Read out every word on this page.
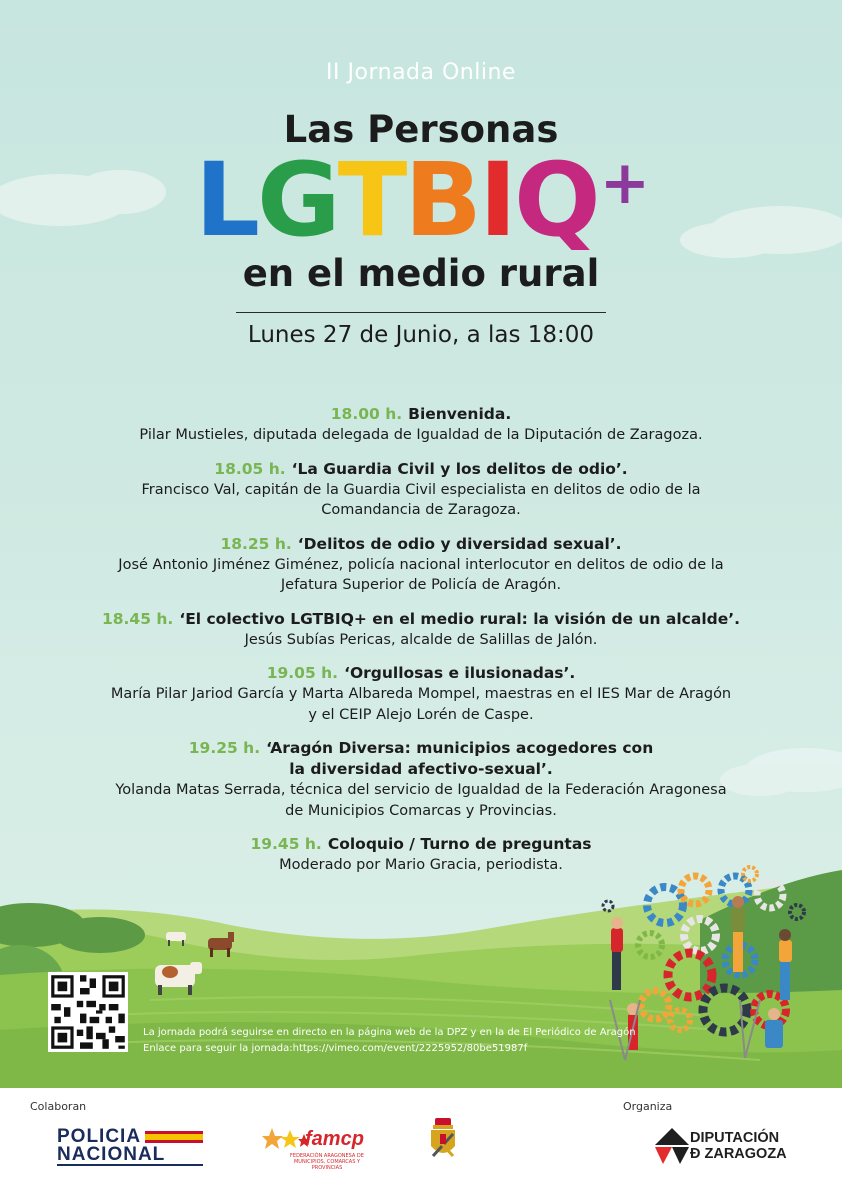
II Jornada Online
Las Personas
LGTBIQ+
en el medio rural
Lunes 27 de Junio, a las 18:00
18.00 h. Bienvenida.
Pilar Mustieles, diputada delegada de Igualdad de la Diputación de Zaragoza.
18.05 h. ‘La Guardia Civil y los delitos de odio’.
Francisco Val, capitán de la Guardia Civil especialista en delitos de odio de la
Comandancia de Zaragoza.
18.25 h. ‘Delitos de odio y diversidad sexual’.
José Antonio Jiménez Giménez, policía nacional interlocutor en delitos de odio de la
Jefatura Superior de Policía de Aragón.
18.45 h. ‘El colectivo LGTBIQ+ en el medio rural: la visión de un alcalde’.
Jesús Subías Pericas, alcalde de Salillas de Jalón.
19.05 h. ‘Orgullosas e ilusionadas’.
María Pilar Jariod García y Marta Albareda Mompel, maestras en el IES Mar de Aragón
y el CEIP Alejo Lorén de Caspe.
19.25 h. ‘Aragón Diversa: municipios acogedores con
la diversidad afectivo-sexual’.
Yolanda Matas Serrada, técnica del servicio de Igualdad de la Federación Aragonesa
de Municipios Comarcas y Provincias.
19.45 h. Coloquio / Turno de preguntas
Moderado por Mario Gracia, periodista.
La jornada podrá seguirse en directo en la página web de la DPZ y en la de El Periódico de Aragón
Enlace para seguir la jornada:https://vimeo.com/event/2225952/80be51987f
Colaboran	Organiza
POLICIA
NACIONAL
famcp
FEDERACIÓN ARAGONESA DE MUNICIPIOS, COMARCAS Y PROVINCIAS
DIPUTACIÓN
Ð ZARAGOZA
